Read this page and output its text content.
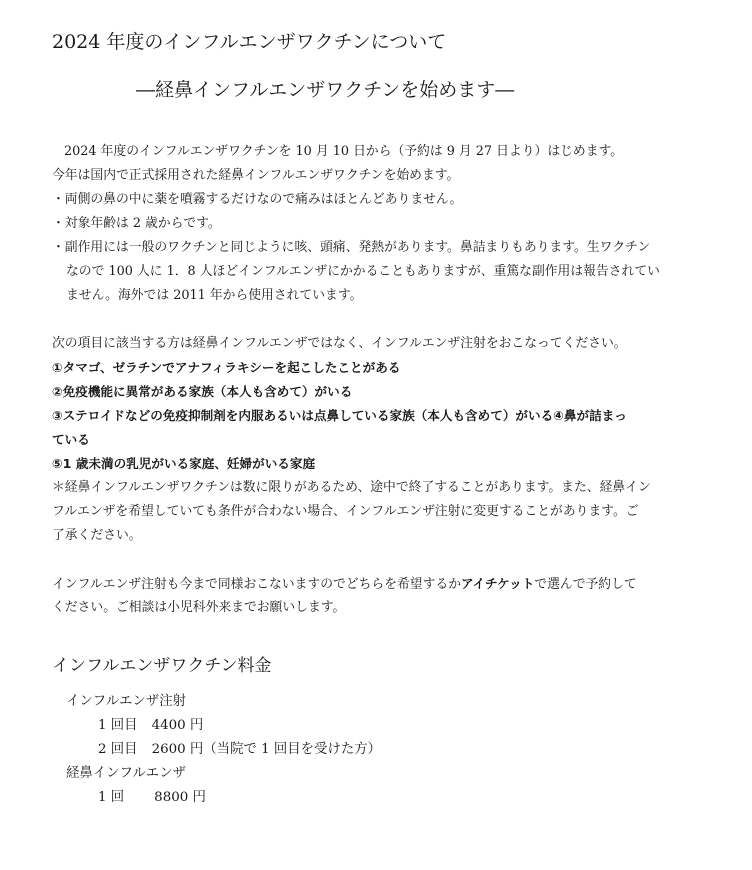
2024 年度のインフルエンザワクチンについて
―経鼻インフルエンザワクチンを始めます―
2024 年度のインフルエンザワクチンを 10 月 10 日から（予約は 9 月 27 日より）はじめます。
今年は国内で正式採用された経鼻インフルエンザワクチンを始めます。
・両側の鼻の中に薬を噴霧するだけなので痛みはほとんどありません。
・対象年齢は 2 歳からです。
・副作用には一般のワクチンと同じように咳、頭痛、発熱があります。鼻詰まりもあります。生ワクチン
なので 100 人に 1．8 人ほどインフルエンザにかかることもありますが、重篤な副作用は報告されてい
ません。海外では 2011 年から使用されています。
次の項目に該当する方は経鼻インフルエンザではなく、インフルエンザ注射をおこなってください。
①タマゴ、ゼラチンでアナフィラキシーを起こしたことがある
②免疫機能に異常がある家族（本人も含めて）がいる
③ステロイドなどの免疫抑制剤を内服あるいは点鼻している家族（本人も含めて）がいる④鼻が詰まっ
ている
⑤1 歳未満の乳児がいる家庭、妊婦がいる家庭
＊経鼻インフルエンザワクチンは数に限りがあるため、途中で終了することがあります。また、経鼻イン
フルエンザを希望していても条件が合わない場合、インフルエンザ注射に変更することがあります。ご
了承ください。
インフルエンザ注射も今まで同様おこないますのでどちらを希望するかアイチケットで選んで予約して
ください。ご相談は小児科外来までお願いします。
インフルエンザワクチン料金
インフルエンザ注射
1 回目 4400 円
2 回目 2600 円（当院で 1 回目を受けた方）
経鼻インフルエンザ
1 回 8800 円
